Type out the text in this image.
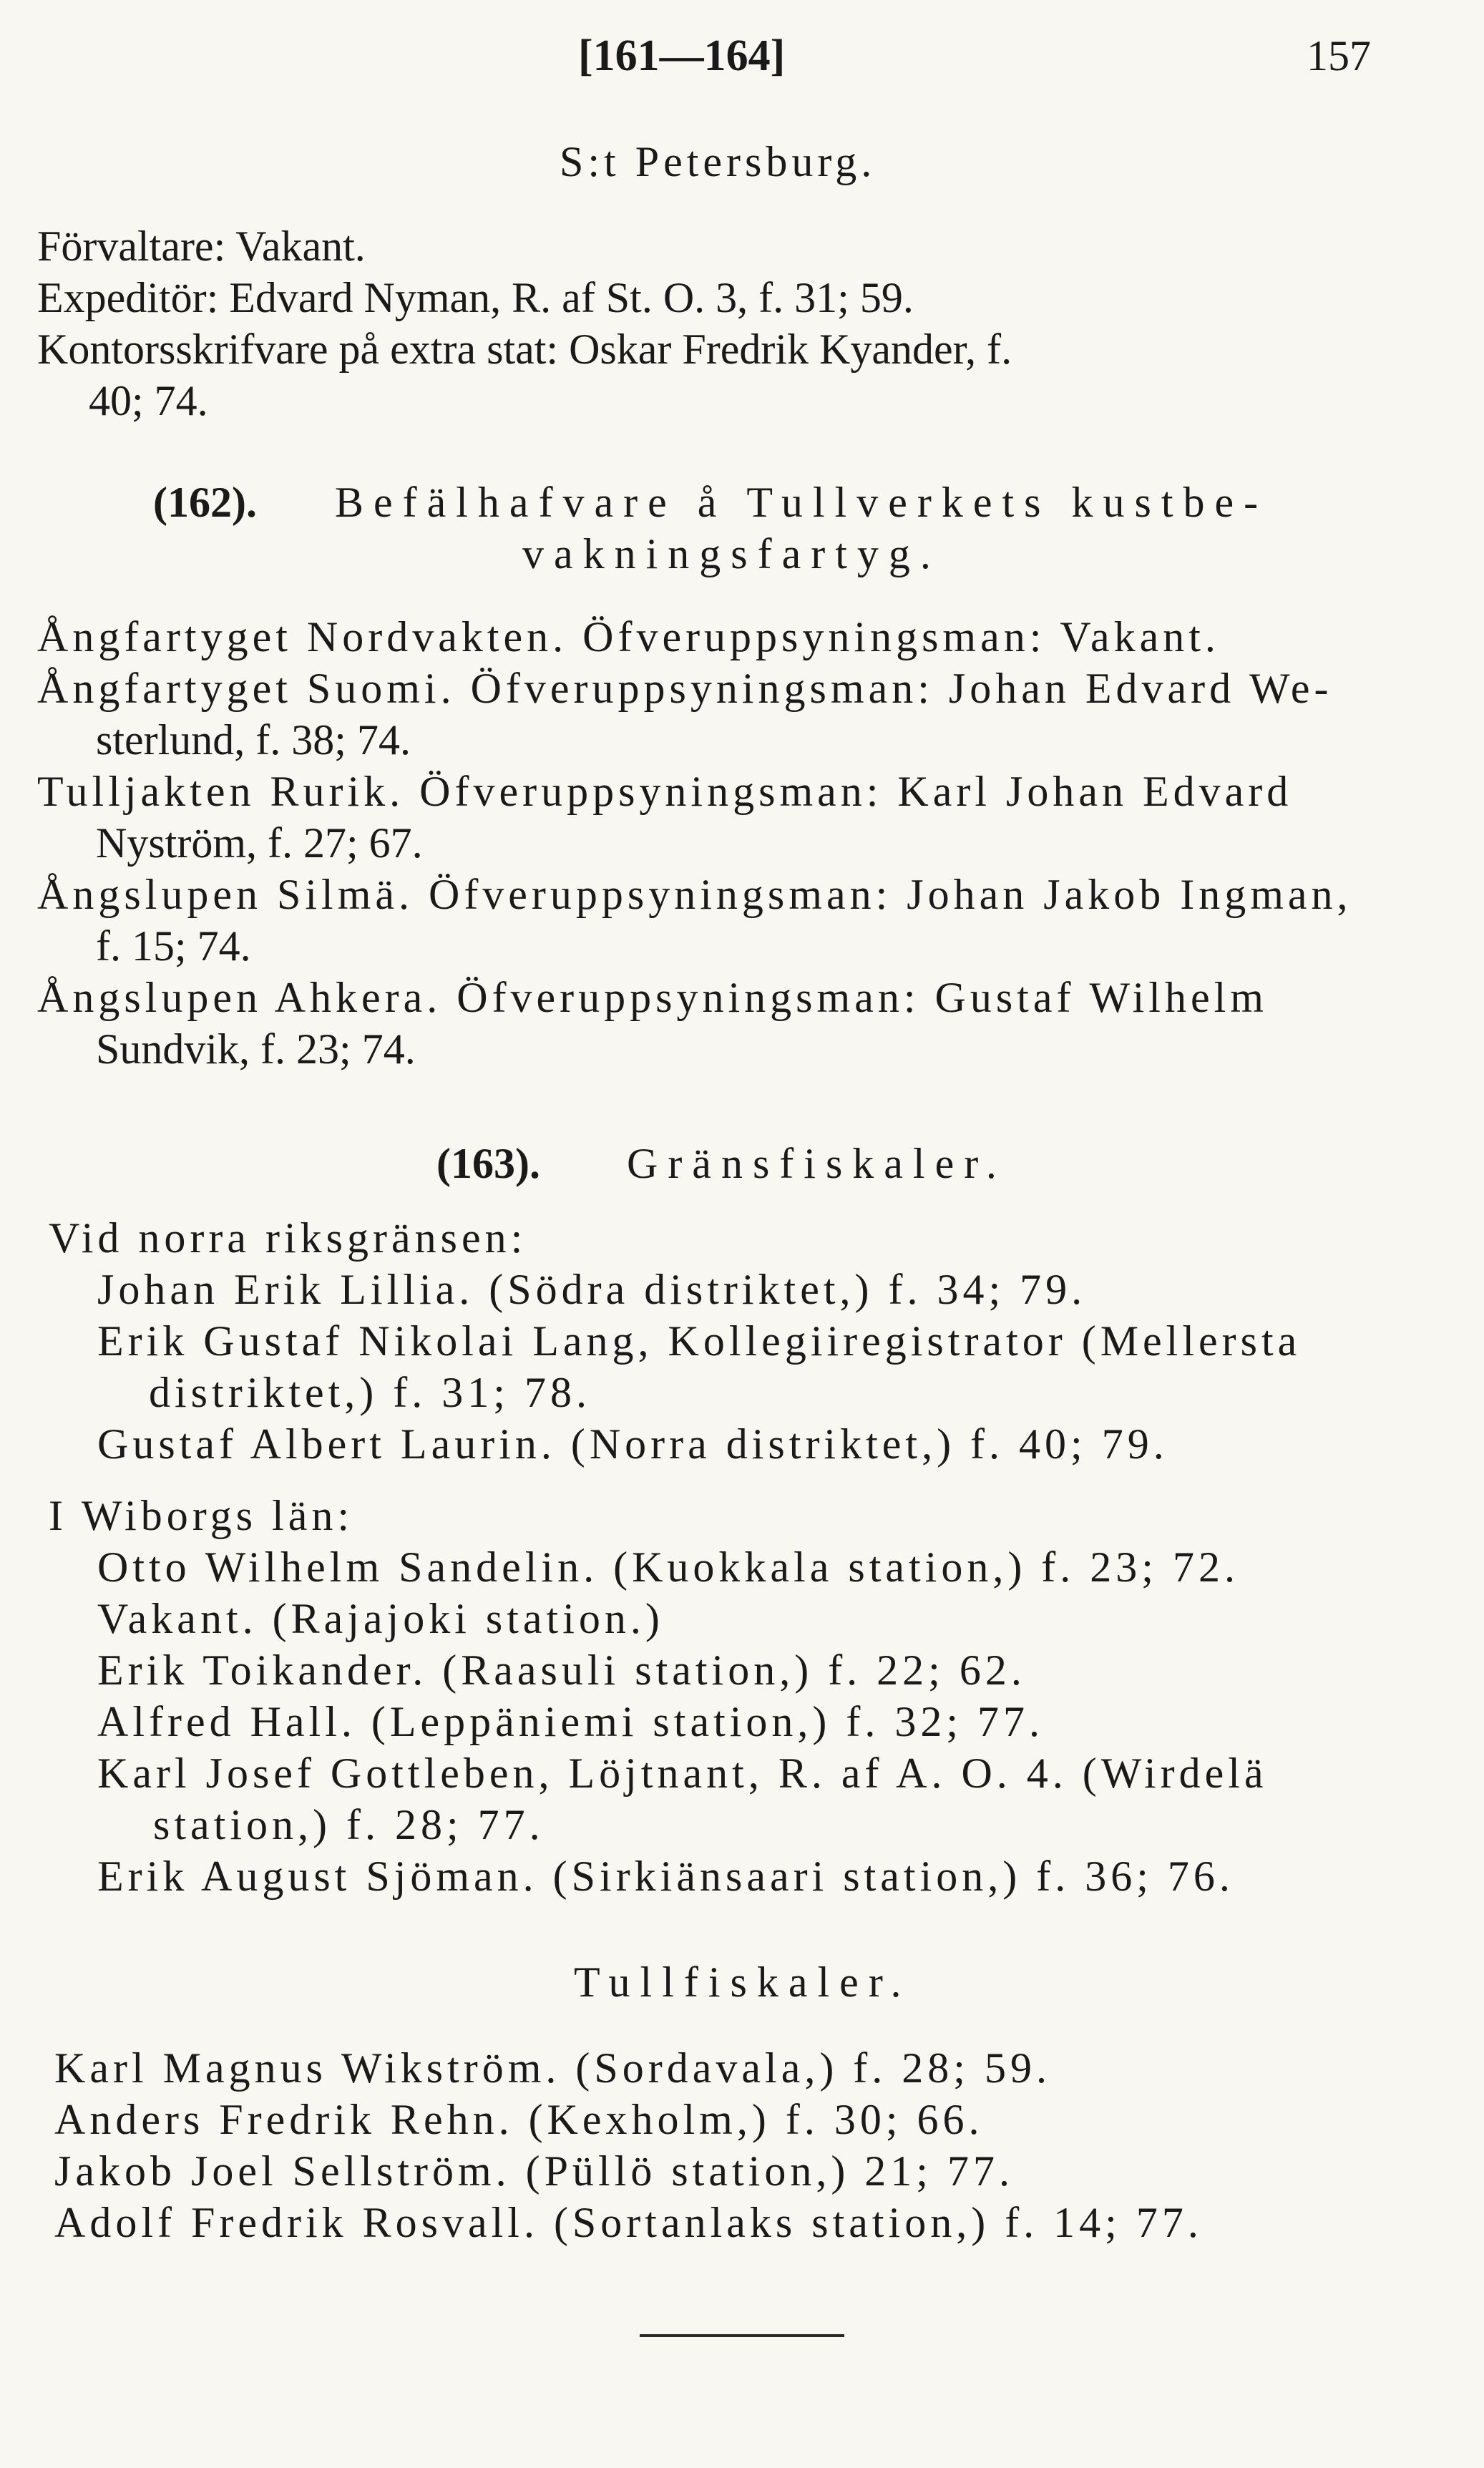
[161—164]	157
S:t Petersburg.
Förvaltare: Vakant.
Expeditör: Edvard Nyman, R. af St. O. 3, f. 31; 59.
Kontorsskrifvare på extra stat: Oskar Fredrik Kyander, f.
40; 74.
(162). Befälhafvare å Tullverkets kustbe-
vakningsfartyg.
Ångfartyget Nordvakten. Öfveruppsyningsman: Vakant.
Ångfartyget Suomi. Öfveruppsyningsman: Johan Edvard We-
sterlund, f. 38; 74.
Tulljakten Rurik. Öfveruppsyningsman: Karl Johan Edvard
Nyström, f. 27; 67.
Ångslupen Silmä. Öfveruppsyningsman: Johan Jakob Ingman,
f. 15; 74.
Ångslupen Ahkera. Öfveruppsyningsman: Gustaf Wilhelm
Sundvik, f. 23; 74.
(163). Gränsfiskaler.
Vid norra riksgränsen:
Johan Erik Lillia. (Södra distriktet,) f. 34; 79.
Erik Gustaf Nikolai Lang, Kollegiiregistrator (Mellersta
distriktet,) f. 31; 78.
Gustaf Albert Laurin. (Norra distriktet,) f. 40; 79.
I Wiborgs län:
Otto Wilhelm Sandelin. (Kuokkala station,) f. 23; 72.
Vakant. (Rajajoki station.)
Erik Toikander. (Raasuli station,) f. 22; 62.
Alfred Hall. (Leppäniemi station,) f. 32; 77.
Karl Josef Gottleben, Löjtnant, R. af A. O. 4. (Wirdelä
station,) f. 28; 77.
Erik August Sjöman. (Sirkiänsaari station,) f. 36; 76.
Tullfiskaler.
Karl Magnus Wikström. (Sordavala,) f. 28; 59.
Anders Fredrik Rehn. (Kexholm,) f. 30; 66.
Jakob Joel Sellström. (Püllö station,) 21; 77.
Adolf Fredrik Rosvall. (Sortanlaks station,) f. 14; 77.
